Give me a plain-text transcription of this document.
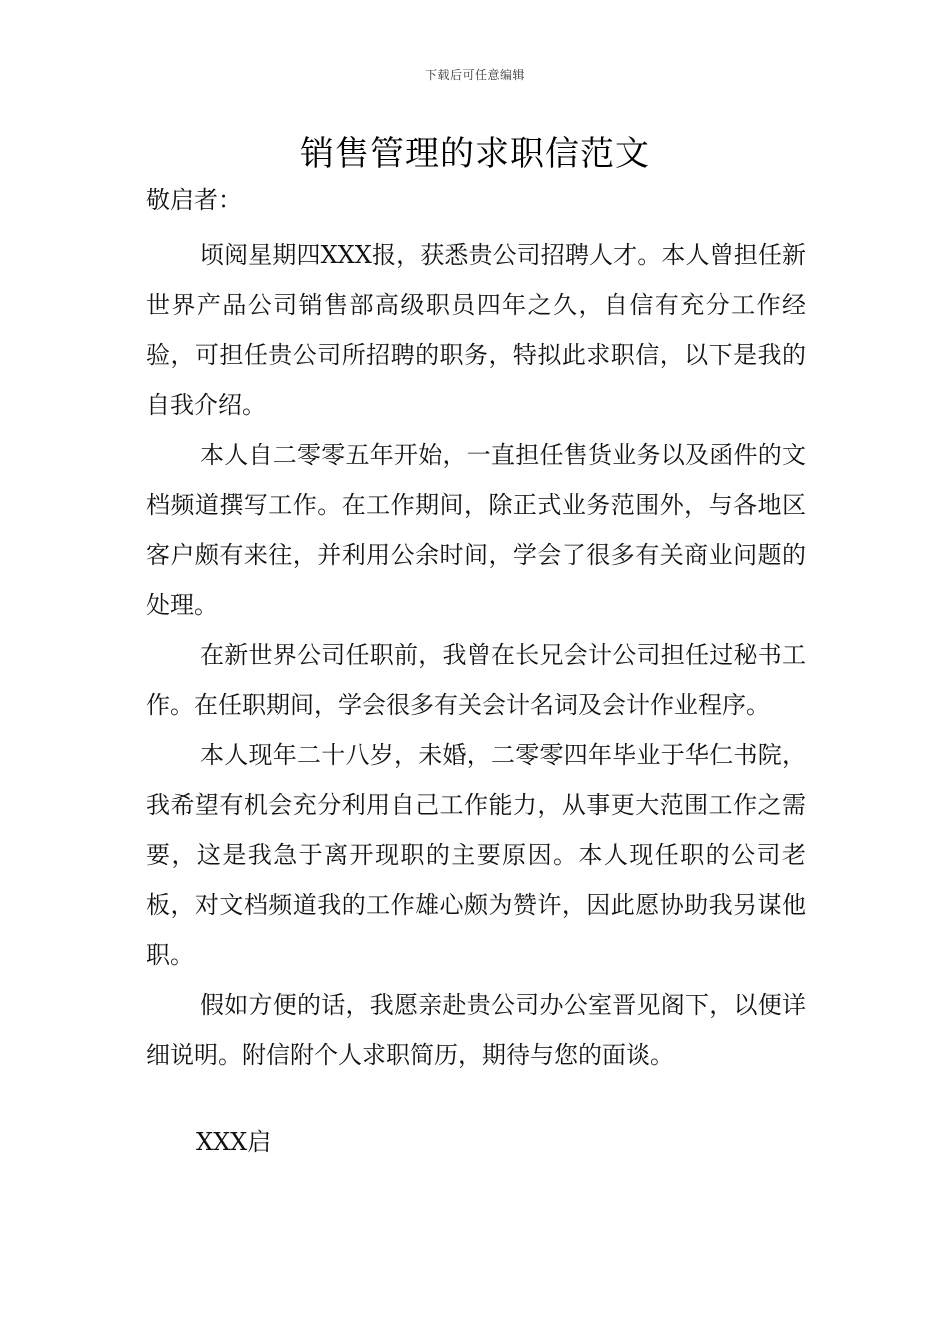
下载后可任意编辑
销售管理的求职信范文

敬启者：

顷阅星期四XXX报，获悉贵公司招聘人才。本人曾担任新世界产品公司销售部高级职员四年之久，自信有充分工作经验，可担任贵公司所招聘的职务，特拟此求职信，以下是我的自我介绍。

本人自二零零五年开始，一直担任售货业务以及函件的文档频道撰写工作。在工作期间，除正式业务范围外，与各地区客户颇有来往，并利用公余时间，学会了很多有关商业问题的处理。

在新世界公司任职前，我曾在长兄会计公司担任过秘书工作。在任职期间，学会很多有关会计名词及会计作业程序。

本人现年二十八岁，未婚，二零零四年毕业于华仁书院，我希望有机会充分利用自己工作能力，从事更大范围工作之需要，这是我急于离开现职的主要原因。本人现任职的公司老板，对文档频道我的工作雄心颇为赞许，因此愿协助我另谋他职。

假如方便的话，我愿亲赴贵公司办公室晋见阁下，以便详细说明。附信附个人求职简历，期待与您的面谈。

XXX启
